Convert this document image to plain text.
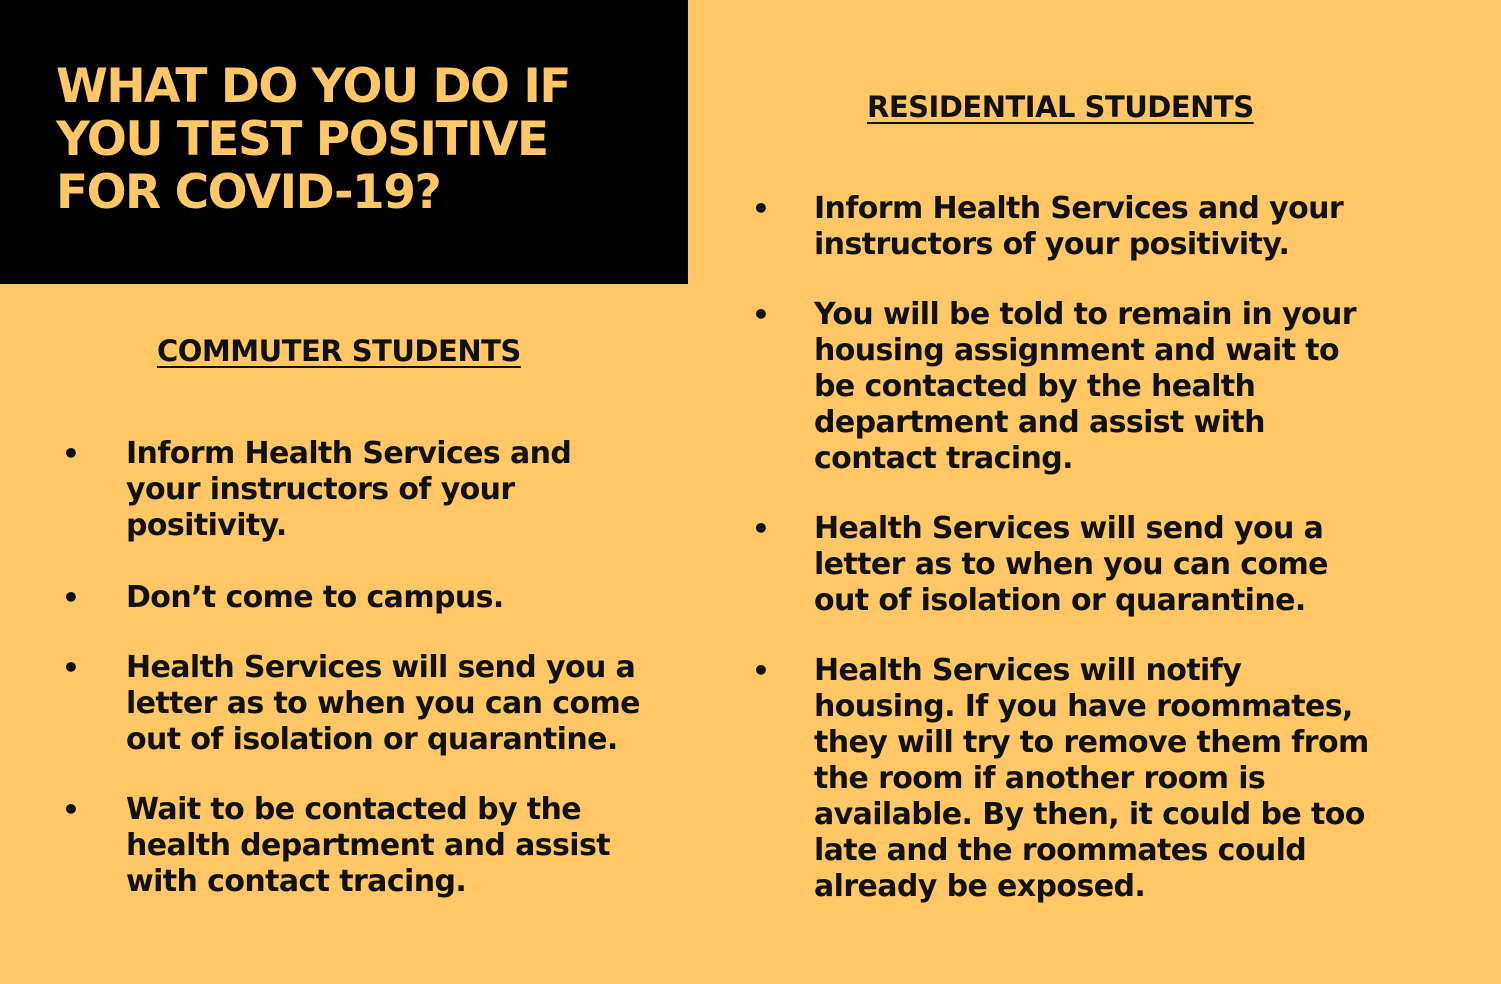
WHAT DO YOU DO IF
YOU TEST POSITIVE
FOR COVID-19?
RESIDENTIAL STUDENTS
• Inform Health Services and your
instructors of your positivity.
• You will be told to remain in your
housing assignment and wait to
be contacted by the health
department and assist with
contact tracing.
• Health Services will send you a
letter as to when you can come
out of isolation or quarantine.
• Health Services will notify
housing. If you have roommates,
they will try to remove them from
the room if another room is
available. By then, it could be too
late and the roommates could
already be exposed.
COMMUTER STUDENTS
• Inform Health Services and
your instructors of your
positivity.
• Don’t come to campus.
• Health Services will send you a
letter as to when you can come
out of isolation or quarantine.
• Wait to be contacted by the
health department and assist
with contact tracing.
